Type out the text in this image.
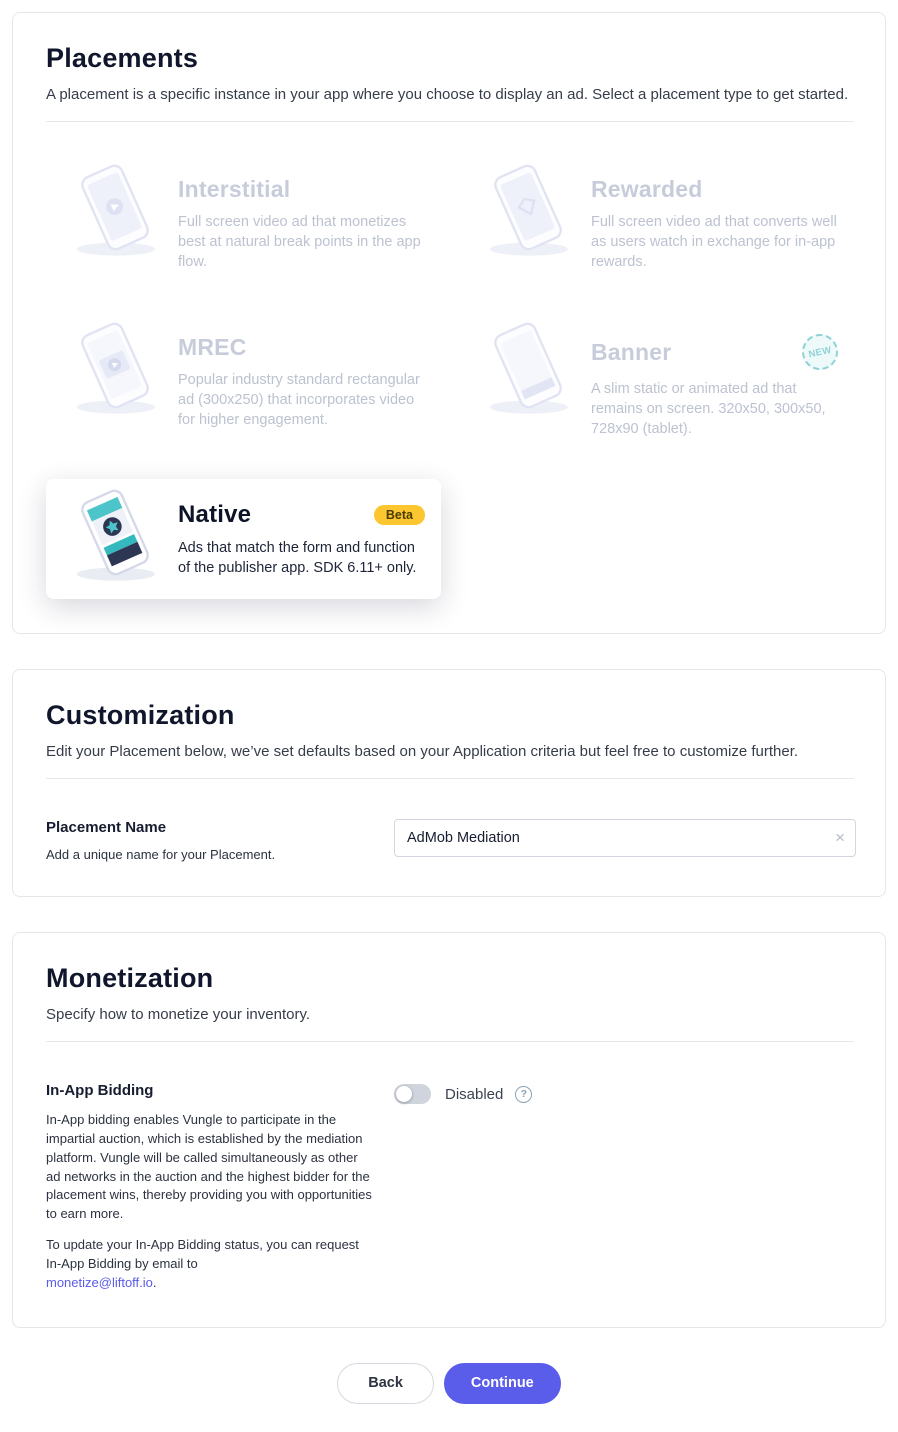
Placements

A placement is a specific instance in your app where you choose to display an ad. Select a placement type to get started.

Interstitial

Full screen video ad that monetizes best at natural break points in the app flow.

Rewarded

Full screen video ad that converts well as users watch in exchange for in-app rewards.

MREC

Popular industry standard rectangular ad (300x250) that incorporates video for higher engagement.

Banner	NEW

A slim static or animated ad that remains on screen. 320x50, 300x50, 728x90 (tablet).

Native	Beta

Ads that match the form and function of the publisher app. SDK 6.11+ only.

Customization

Edit your Placement below, we’ve set defaults based on your Application criteria but feel free to customize further.

Placement Name
Add a unique name for your Placement.
AdMob Mediation
×
Monetization

Specify how to monetize your inventory.

In-App Bidding

In-App bidding enables Vungle to participate in the impartial auction, which is established by the mediation platform. Vungle will be called simultaneously as other ad networks in the auction and the highest bidder for the placement wins, thereby providing you with opportunities to earn more.

To update your In-App Bidding status, you can request In-App Bidding by email to
monetize@liftoff.io.

Disabled	?
Back	Continue
